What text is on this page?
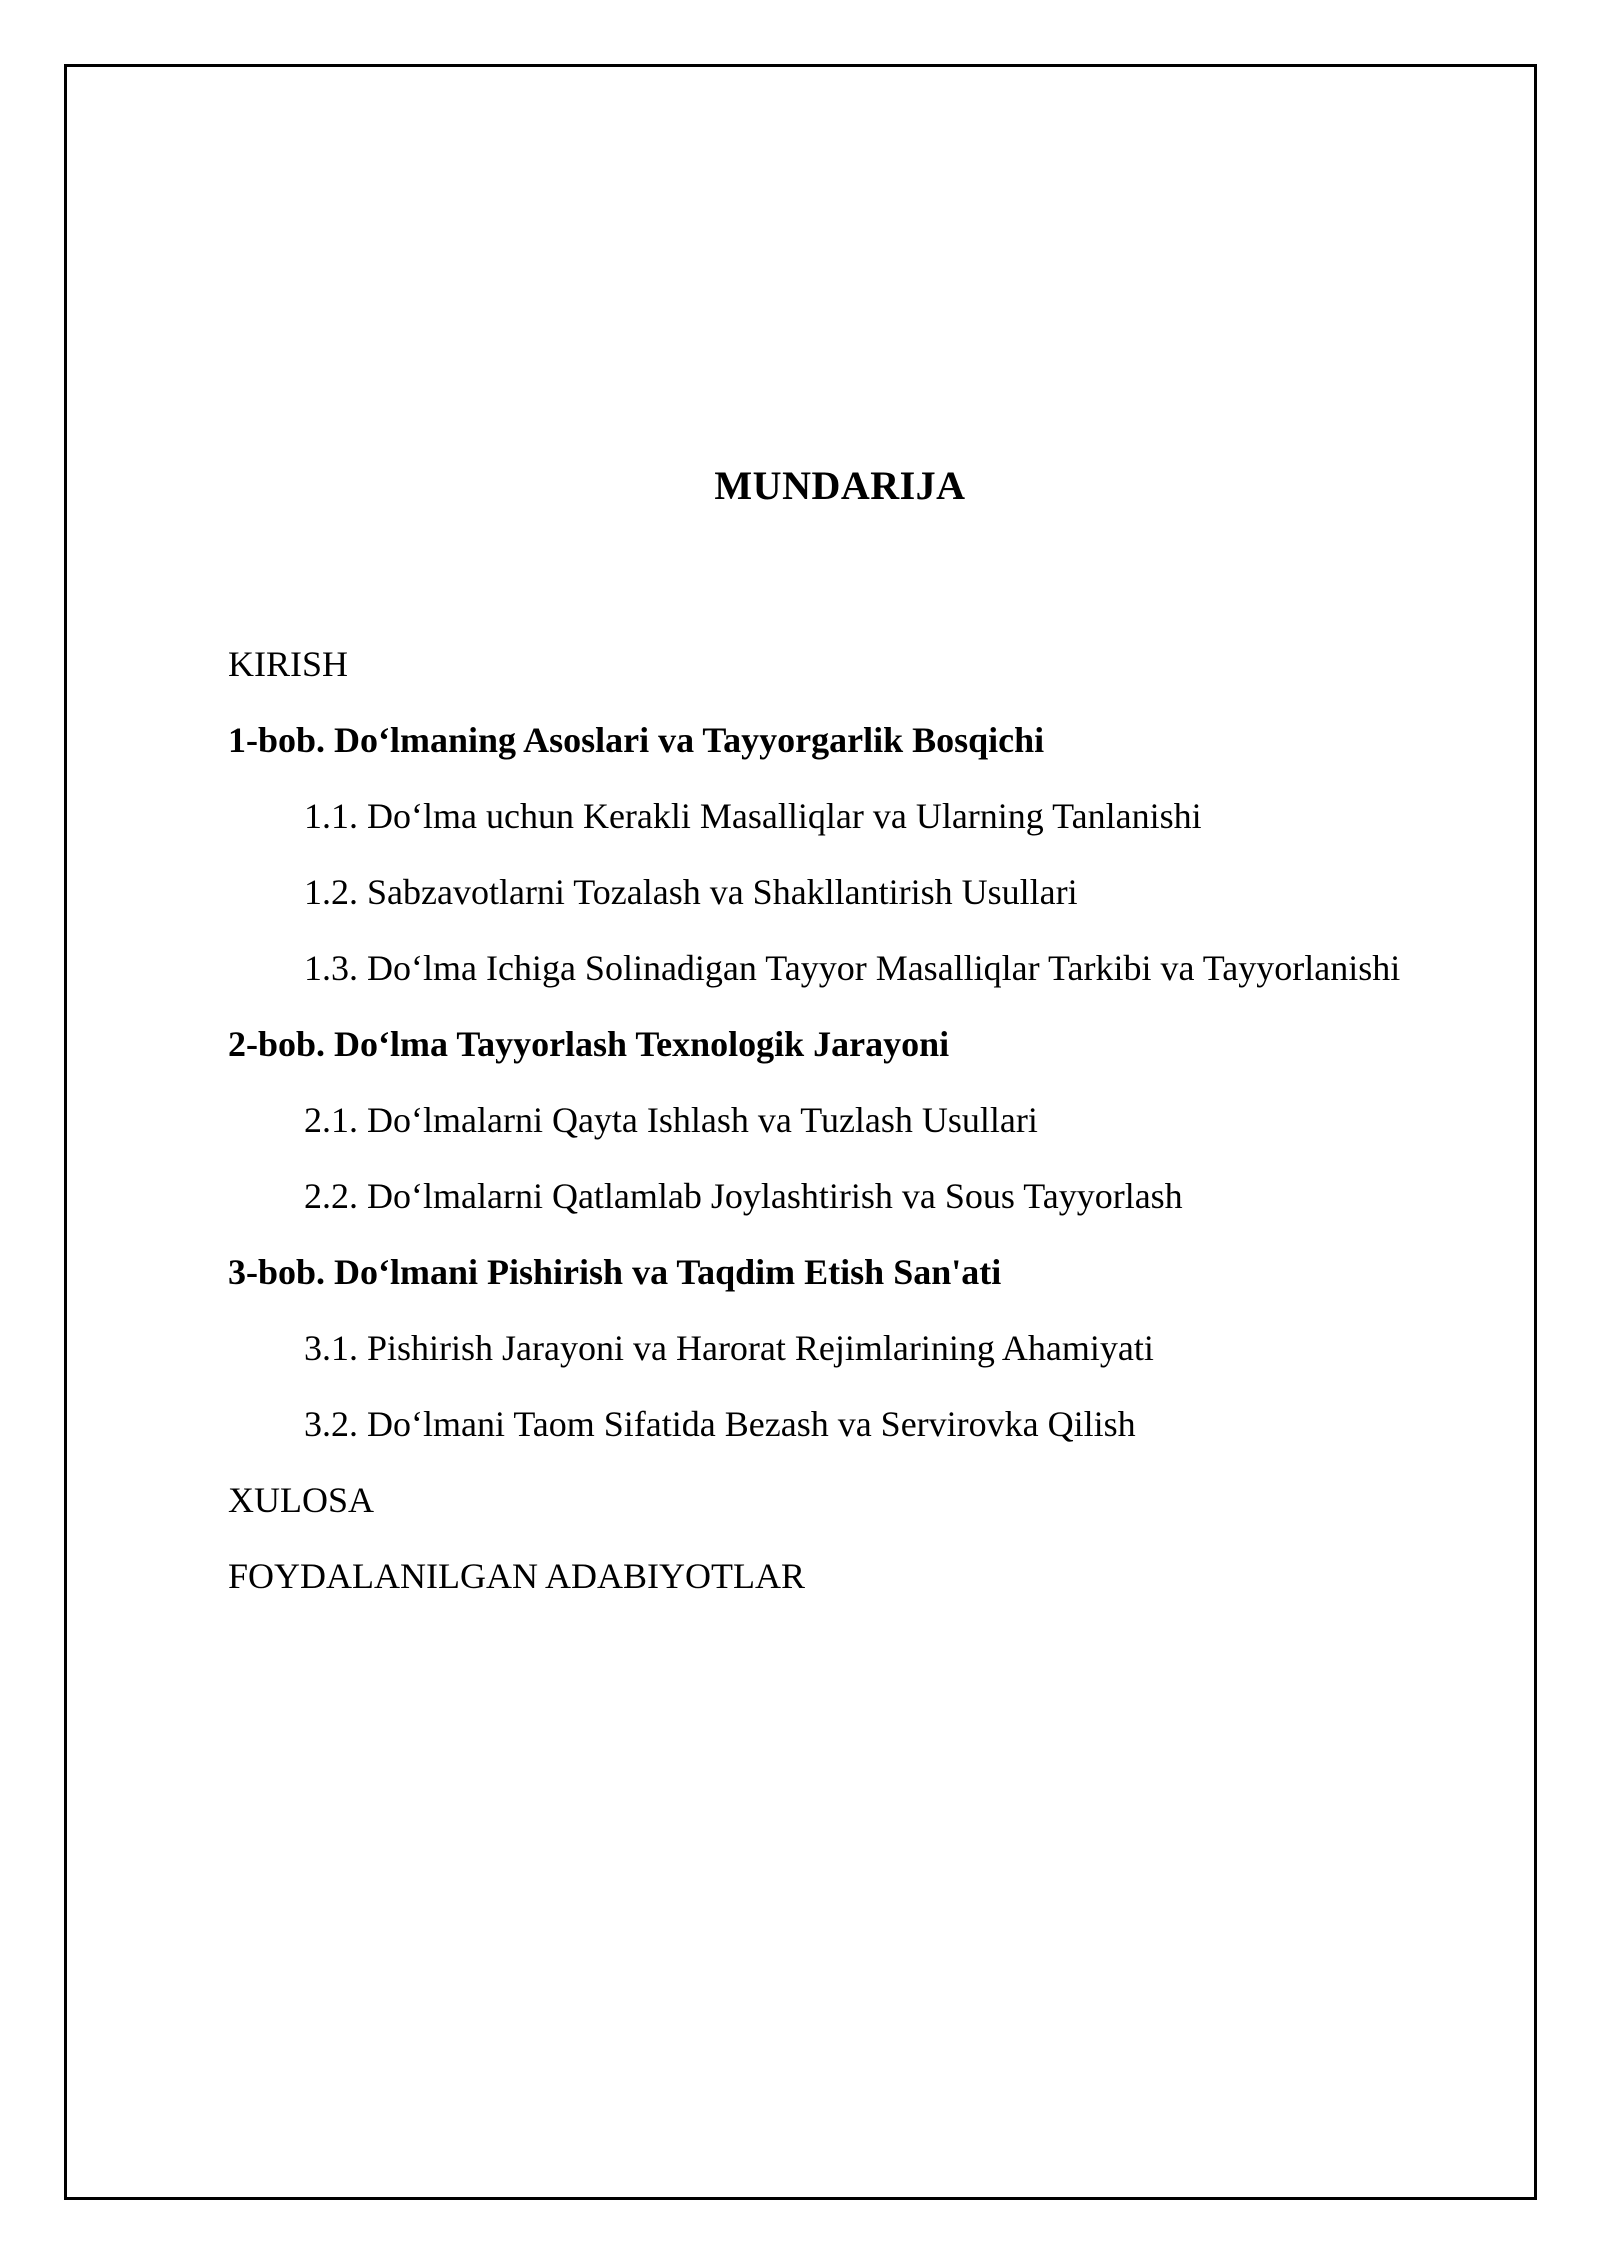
MUNDARIJA
KIRISH
1-bob. Do‘lmaning Asoslari va Tayyorgarlik Bosqichi
1.1. Do‘lma uchun Kerakli Masalliqlar va Ularning Tanlanishi
1.2. Sabzavotlarni Tozalash va Shakllantirish Usullari
1.3. Do‘lma Ichiga Solinadigan Tayyor Masalliqlar Tarkibi va Tayyorlanishi
2-bob. Do‘lma Tayyorlash Texnologik Jarayoni
2.1. Do‘lmalarni Qayta Ishlash va Tuzlash Usullari
2.2. Do‘lmalarni Qatlamlab Joylashtirish va Sous Tayyorlash
3-bob. Do‘lmani Pishirish va Taqdim Etish San'ati
3.1. Pishirish Jarayoni va Harorat Rejimlarining Ahamiyati
3.2. Do‘lmani Taom Sifatida Bezash va Servirovka Qilish
XULOSA
FOYDALANILGAN ADABIYOTLAR
